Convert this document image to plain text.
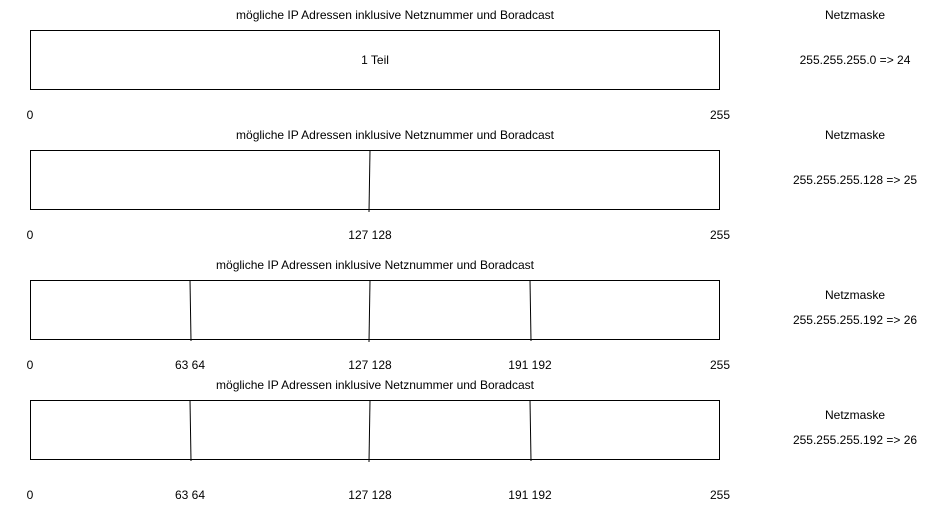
mögliche IP Adressen inklusive Netznummer und Boradcast
1 Teil
Netzmaske
255.255.255.0 => 24
0	255
mögliche IP Adressen inklusive Netznummer und Boradcast
255.255.255.128 => 25
Netzmaske
0	127 128	255
mögliche IP Adressen inklusive Netznummer und Boradcast
Netzmaske
255.255.255.192 => 26
0	63 64	127 128	191 192	255
mögliche IP Adressen inklusive Netznummer und Boradcast
Netzmaske
255.255.255.192 => 26
0	63 64	127 128	191 192	255
